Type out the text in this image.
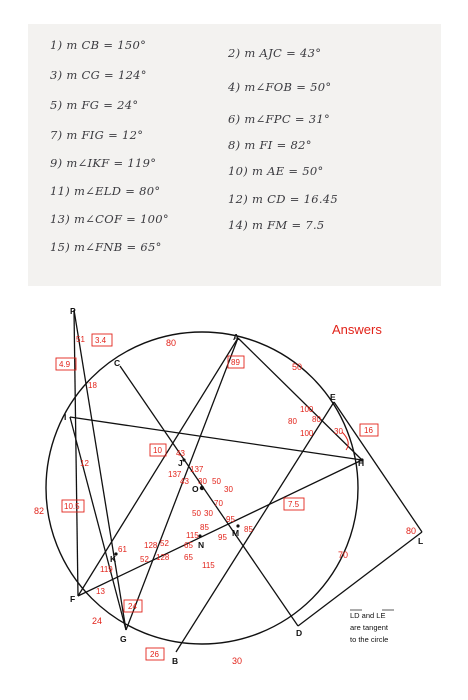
1) m CB = 150°
2) m AJC = 43°
3) m CG = 124°
4) m∠FOB = 50°
5) m FG = 24°
6) m∠FPC = 31°
7) m FIG = 12°
8) m FI = 82°
9) m∠IKF = 119°
10) m AE = 50°
11) m∠ELD = 80°
12) m CD = 16.45
13) m∠COF = 100°	14) m FM = 7.5
15) m∠FNB = 65°
P
C
A
E
H
L
I
J
O
K
N
M
F
G
B
D
Answers
80
50
82
24
30
70
18
12
51
43
137
137
43 30 50
30
70
95
85
95
115
65
85
50 30
61
119
128 52
52 128 65
115
13
100
80 80
100	30
80
3.4
4.9	89
10
10.5	7.5
24
26
16
LD and LE
are tangent
to the circle
